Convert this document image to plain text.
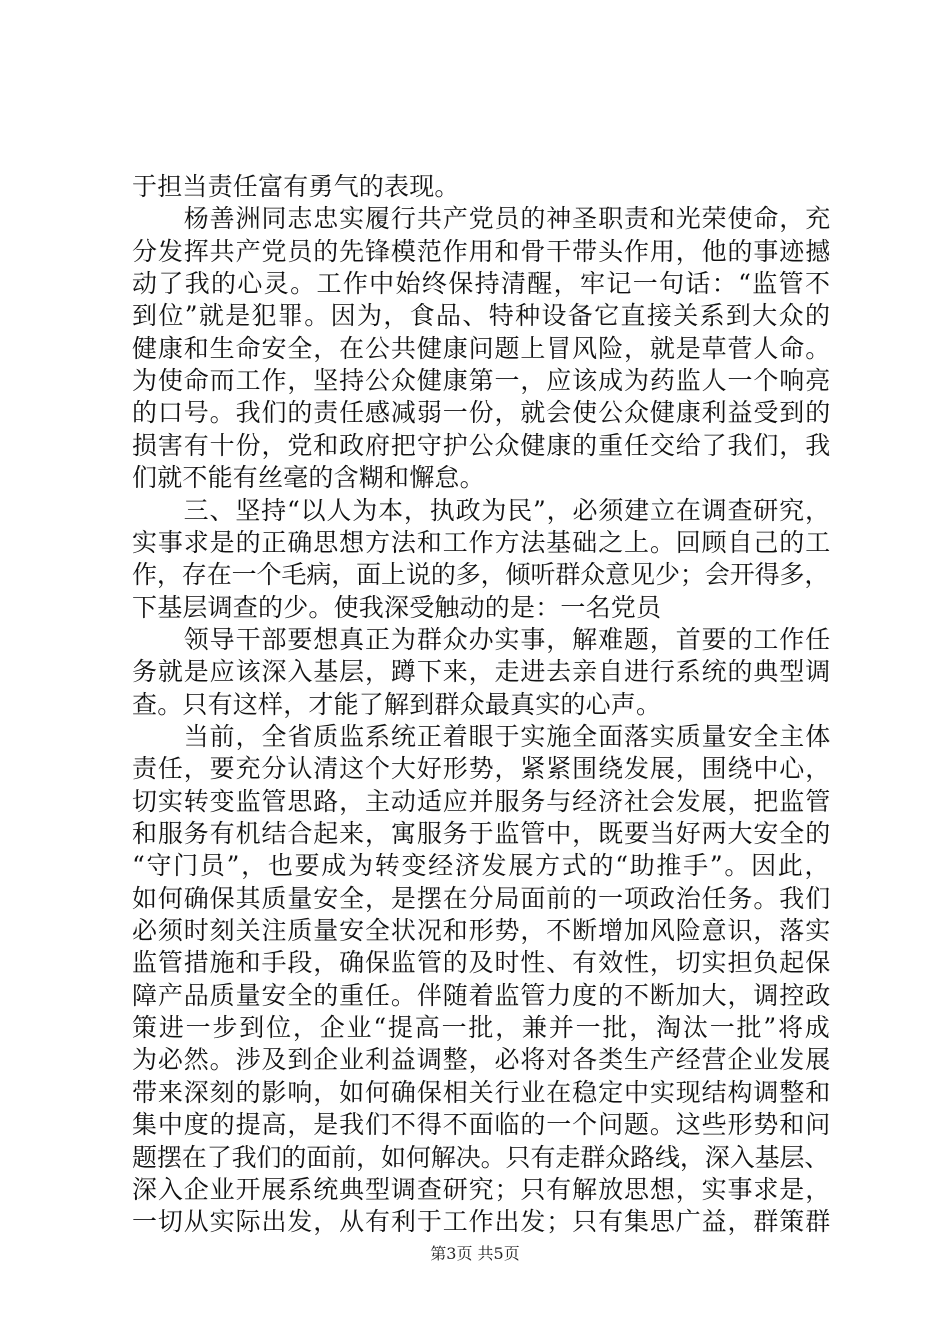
于担当责任富有勇气的表现。
　　杨善洲同志忠实履行共产党员的神圣职责和光荣使命，充
分发挥共产党员的先锋模范作用和骨干带头作用，他的事迹撼
动了我的心灵。工作中始终保持清醒，牢记一句话：“监管不
到位”就是犯罪。因为，食品、特种设备它直接关系到大众的
健康和生命安全，在公共健康问题上冒风险，就是草菅人命。
为使命而工作，坚持公众健康第一，应该成为药监人一个响亮
的口号。我们的责任感减弱一份，就会使公众健康利益受到的
损害有十份，党和政府把守护公众健康的重任交给了我们，我
们就不能有丝毫的含糊和懈怠。
　　三、坚持“以人为本，执政为民”，必须建立在调查研究，
实事求是的正确思想方法和工作方法基础之上。回顾自己的工
作，存在一个毛病，面上说的多，倾听群众意见少；会开得多，
下基层调查的少。使我深受触动的是：一名党员
　　领导干部要想真正为群众办实事，解难题，首要的工作任
务就是应该深入基层，蹲下来，走进去亲自进行系统的典型调
查。只有这样，才能了解到群众最真实的心声。
　　当前，全省质监系统正着眼于实施全面落实质量安全主体
责任，要充分认清这个大好形势，紧紧围绕发展，围绕中心，
切实转变监管思路，主动适应并服务与经济社会发展，把监管
和服务有机结合起来，寓服务于监管中，既要当好两大安全的
“守门员”，也要成为转变经济发展方式的“助推手”。因此，
如何确保其质量安全，是摆在分局面前的一项政治任务。我们
必须时刻关注质量安全状况和形势，不断增加风险意识，落实
监管措施和手段，确保监管的及时性、有效性，切实担负起保
障产品质量安全的重任。伴随着监管力度的不断加大，调控政
策进一步到位，企业“提高一批，兼并一批，淘汰一批”将成
为必然。涉及到企业利益调整，必将对各类生产经营企业发展
带来深刻的影响，如何确保相关行业在稳定中实现结构调整和
集中度的提高，是我们不得不面临的一个问题。这些形势和问
题摆在了我们的面前，如何解决。只有走群众路线，深入基层、
深入企业开展系统典型调查研究；只有解放思想，实事求是，
一切从实际出发，从有利于工作出发；只有集思广益，群策群
第3页 共5页
